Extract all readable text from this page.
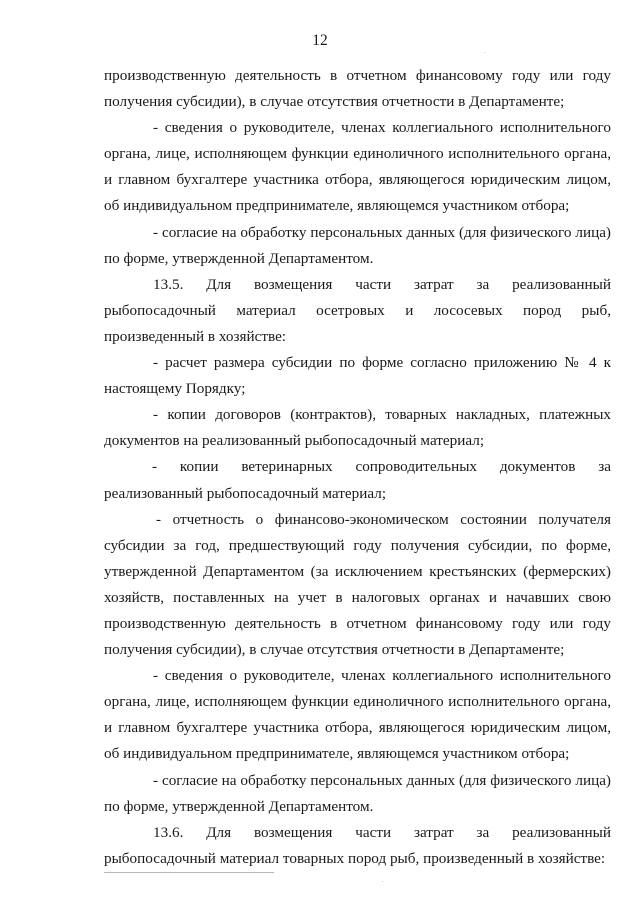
12

производственную деятельность в отчетном финансовому году или году получения субсидии), в случае отсутствия отчетности в Департаменте;

- сведения о руководителе, членах коллегиального исполнительного органа, лице, исполняющем функции единоличного исполнительного органа, и главном бухгалтере участника отбора, являющегося юридическим лицом, об индивидуальном предпринимателе, являющемся участником отбора;

- согласие на обработку персональных данных (для физического лица) по форме, утвержденной Департаментом.

13.5. Для возмещения части затрат за реализованный рыбопосадочный материал осетровых и лососевых пород рыб, произведенный в хозяйстве:

- расчет размера субсидии по форме согласно приложению № 4 к настоящему Порядку;

- копии договоров (контрактов), товарных накладных, платежных документов на реализованный рыбопосадочный материал;

- копии ветеринарных сопроводительных документов за
реализованный рыбопосадочный материал;

- отчетность о финансово-экономическом состоянии получателя субсидии за год, предшествующий году получения субсидии, по форме, утвержденной Департаментом (за исключением крестьянских (фермерских) хозяйств, поставленных на учет в налоговых органах и начавших свою производственную деятельность в отчетном финансовому году или году получения субсидии), в случае отсутствия отчетности в Департаменте;

- сведения о руководителе, членах коллегиального исполнительного органа, лице, исполняющем функции единоличного исполнительного органа, и главном бухгалтере участника отбора, являющегося юридическим лицом, об индивидуальном предпринимателе, являющемся участником отбора;

- согласие на обработку персональных данных (для физического лица) по форме, утвержденной Департаментом.

13.6. Для возмещения части затрат за реализованный рыбопосадочный материал товарных пород рыб, произведенный в хозяйстве:
